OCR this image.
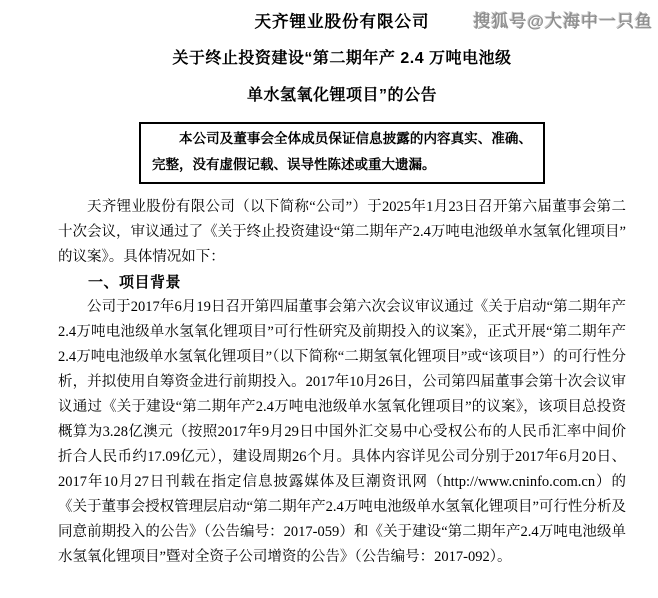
搜狐号@大海中一只鱼
天齐锂业股份有限公司
关于终止投资建设“第二期年产 2.4 万吨电池级
单水氢氧化锂项目”的公告

本公司及董事会全体成员保证信息披露的内容真实、准确、完整，没有虚假记载、误导性陈述或重大遗漏。

天齐锂业股份有限公司（以下简称“公司”）于2025年1月23日召开第六届董事会第二十次会议，审议通过了《关于终止投资建设“第二期年产2.4万吨电池级单水氢氧化锂项目”的议案》。具体情况如下：

一、项目背景

公司于2017年6月19日召开第四届董事会第六次会议审议通过《关于启动“第二期年产2.4万吨电池级单水氢氧化锂项目”可行性研究及前期投入的议案》，正式开展“第二期年产2.4万吨电池级单水氢氧化锂项目”（以下简称“二期氢氧化锂项目”或“该项目”）的可行性分析，并拟使用自筹资金进行前期投入。2017年10月26日，公司第四届董事会第十次会议审议通过《关于建设“第二期年产2.4万吨电池级单水氢氧化锂项目”的议案》，该项目总投资概算为3.28亿澳元（按照2017年9月29日中国外汇交易中心受权公布的人民币汇率中间价折合人民币约17.09亿元），建设周期26个月。具体内容详见公司分别于2017年6月20日、2017年10月27日刊载在指定信息披露媒体及巨潮资讯网（http://www.cninfo.com.cn）的《关于董事会授权管理层启动“第二期年产2.4万吨电池级单水氢氧化锂项目”可行性分析及同意前期投入的公告》（公告编号：2017-059）和《关于建设“第二期年产2.4万吨电池级单水氢氧化锂项目”暨对全资子公司增资的公告》（公告编号：2017-092）。
